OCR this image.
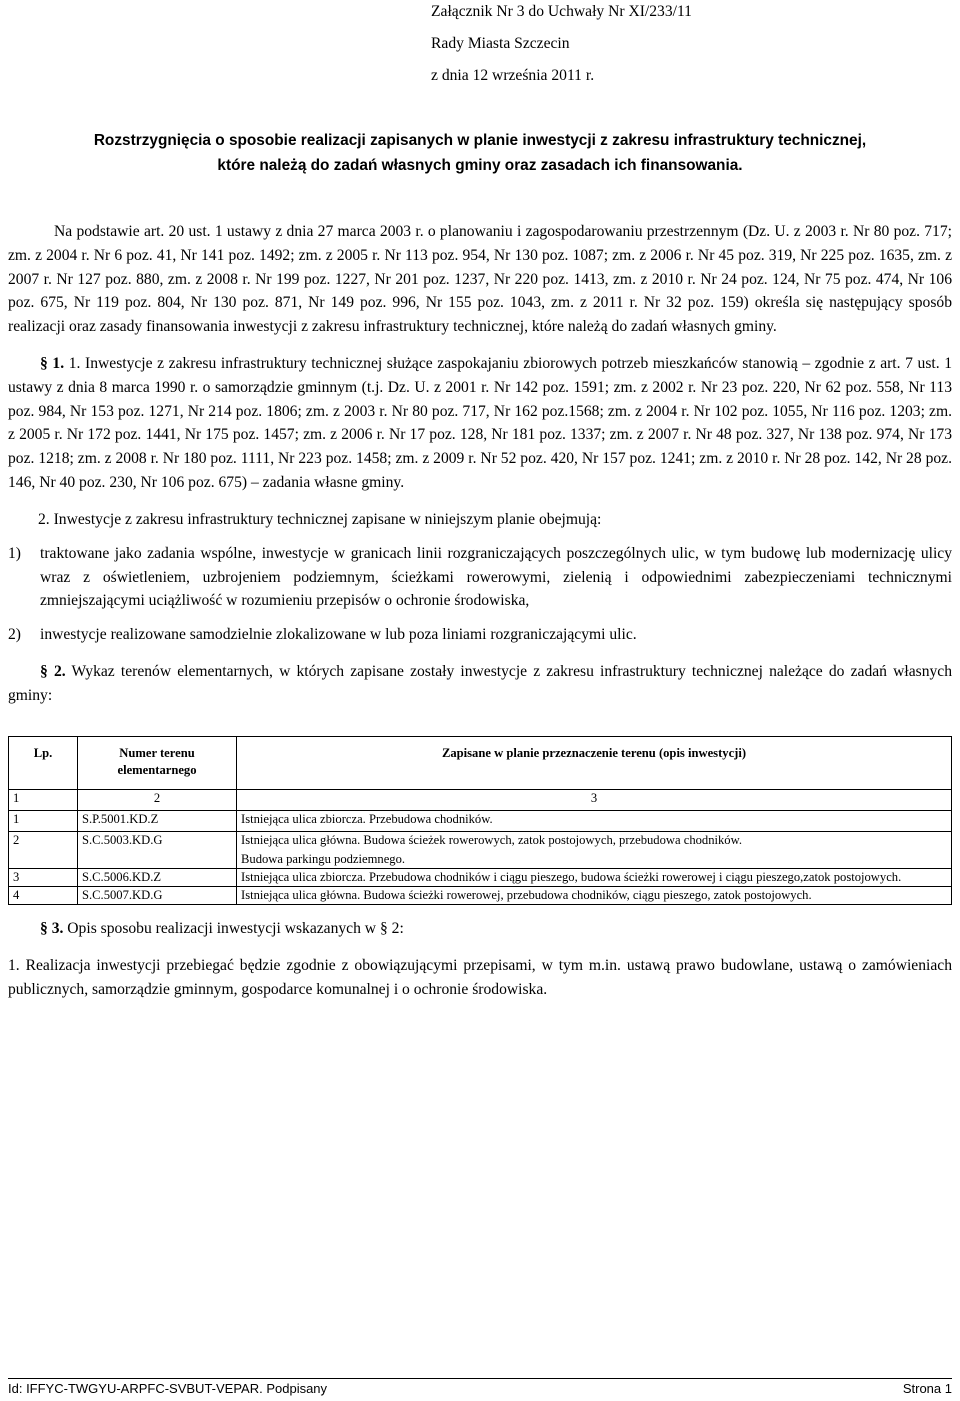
Załącznik Nr 3 do Uchwały Nr XI/233/11
Rady Miasta Szczecin
z dnia 12 września 2011 r.
Rozstrzygnięcia o sposobie realizacji zapisanych w planie inwestycji z zakresu infrastruktury technicznej,
które należą do zadań własnych gminy oraz zasadach ich finansowania.
Na podstawie art. 20 ust. 1 ustawy z dnia 27 marca 2003 r. o planowaniu i zagospodarowaniu przestrzennym (Dz. U. z 2003 r. Nr 80 poz. 717; zm. z 2004 r. Nr 6 poz. 41, Nr 141 poz. 1492; zm. z 2005 r. Nr 113 poz. 954, Nr 130 poz. 1087; zm. z 2006 r. Nr 45 poz. 319, Nr 225 poz. 1635, zm. z 2007 r. Nr 127 poz. 880, zm. z 2008 r. Nr 199 poz. 1227, Nr 201 poz. 1237, Nr 220 poz. 1413, zm. z 2010 r. Nr 24 poz. 124, Nr 75 poz. 474, Nr 106 poz. 675, Nr 119 poz. 804, Nr 130 poz. 871, Nr 149 poz. 996, Nr 155 poz. 1043, zm. z 2011 r. Nr 32 poz. 159) określa się następujący sposób realizacji oraz zasady finansowania inwestycji z zakresu infrastruktury technicznej, które należą do zadań własnych gminy.
§ 1. 1. Inwestycje z zakresu infrastruktury technicznej służące zaspokajaniu zbiorowych potrzeb mieszkańców stanowią – zgodnie z art. 7 ust. 1 ustawy z dnia 8 marca 1990 r. o samorządzie gminnym (t.j. Dz. U. z 2001 r. Nr 142 poz. 1591; zm. z 2002 r. Nr 23 poz. 220, Nr 62 poz. 558, Nr 113 poz. 984, Nr 153 poz. 1271, Nr 214 poz. 1806; zm. z 2003 r. Nr 80 poz. 717, Nr 162 poz.1568; zm. z 2004 r. Nr 102 poz. 1055, Nr 116 poz. 1203; zm. z 2005 r. Nr 172 poz. 1441, Nr 175 poz. 1457; zm. z 2006 r. Nr 17 poz. 128, Nr 181 poz. 1337; zm. z 2007 r. Nr 48 poz. 327, Nr 138 poz. 974, Nr 173 poz. 1218; zm. z 2008 r. Nr 180 poz. 1111, Nr 223 poz. 1458; zm. z 2009 r. Nr 52 poz. 420, Nr 157 poz. 1241; zm. z 2010 r. Nr 28 poz. 142, Nr 28 poz. 146, Nr 40 poz. 230, Nr 106 poz. 675) – zadania własne gminy.
2. Inwestycje z zakresu infrastruktury technicznej zapisane w niniejszym planie obejmują:
1) traktowane jako zadania wspólne, inwestycje w granicach linii rozgraniczających poszczególnych ulic, w tym budowę lub modernizację ulicy wraz z oświetleniem, uzbrojeniem podziemnym, ścieżkami rowerowymi, zielenią i odpowiednimi zabezpieczeniami technicznymi zmniejszającymi uciążliwość w rozumieniu przepisów o ochronie środowiska,
2) inwestycje realizowane samodzielnie zlokalizowane w lub poza liniami rozgraniczającymi ulic.
§ 2. Wykaz terenów elementarnych, w których zapisane zostały inwestycje z zakresu infrastruktury technicznej należące do zadań własnych gminy:
Lp.	Numer terenu elementarnego	Zapisane w planie przeznaczenie terenu (opis inwestycji)
1	2	3
1	S.P.5001.KD.Z	Istniejąca ulica zbiorcza. Przebudowa chodników.
2	S.C.5003.KD.G	Istniejąca ulica główna. Budowa ścieżek rowerowych, zatok postojowych, przebudowa chodników.
Budowa parkingu podziemnego.

3	S.C.5006.KD.Z	Istniejąca ulica zbiorcza. Przebudowa chodników i ciągu pieszego, budowa ścieżki rowerowej i ciągu pieszego,zatok postojowych.
4	S.C.5007.KD.G	Istniejąca ulica główna. Budowa ścieżki rowerowej, przebudowa chodników, ciągu pieszego, zatok postojowych.
§ 3. Opis sposobu realizacji inwestycji wskazanych w § 2:
1. Realizacja inwestycji przebiegać będzie zgodnie z obowiązującymi przepisami, w tym m.in. ustawą prawo budowlane, ustawą o zamówieniach publicznych, samorządzie gminnym, gospodarce komunalnej i o ochronie środowiska.
Id: IFFYC-TWGYU-ARPFC-SVBUT-VEPAR. Podpisany	Strona 1
